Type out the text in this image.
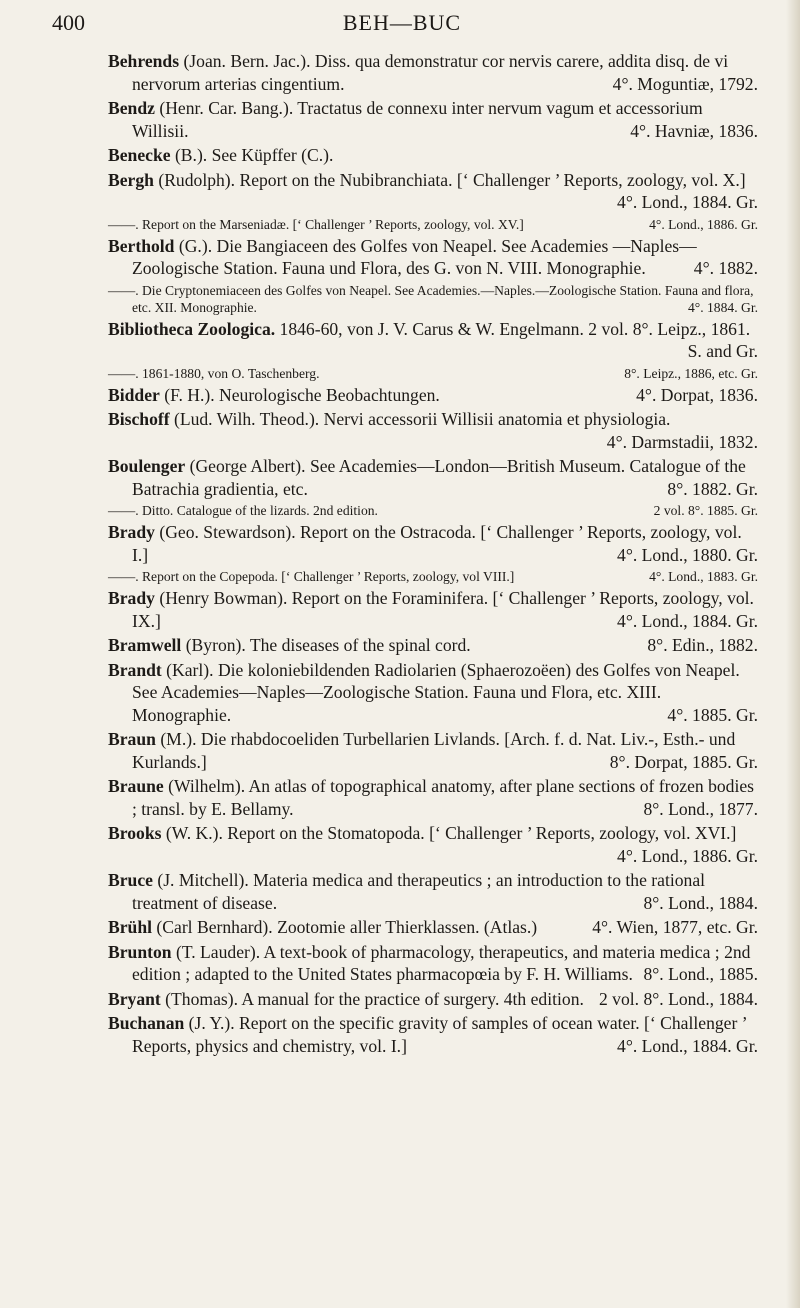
400	BEH—BUC

Behrends (Joan. Bern. Jac.). Diss. qua demonstratur cor nervis carere, addita disq. de vi nervorum arterias cingentium.	4°. Moguntiæ, 1792.

Bendz (Henr. Car. Bang.). Tractatus de connexu inter nervum vagum et accessorium Willisii.	4°. Havniæ, 1836.

Benecke (B.). See Küpffer (C.).

Bergh (Rudolph). Report on the Nubibranchiata. [‘ Challenger ’ Reports, zoology, vol. X.]
4°. Lond., 1884. Gr.

——. Report on the Marseniadæ. [‘ Challenger ’ Reports, zoology, vol. XV.]	4°. Lond., 1886. Gr.

Berthold (G.). Die Bangiaceen des Golfes von Neapel. See Academies —Naples—Zoologische Station. Fauna und Flora, des G. von N. VIII. Monographie.	4°. 1882.

——. Die Cryptonemiaceen des Golfes von Neapel. See Academies.—Naples.—Zoologische Station. Fauna and flora, etc. XII. Monographie.	4°. 1884. Gr.

Bibliotheca Zoologica. 1846-60, von J. V. Carus & W. Engelmann. 2 vol. 8°. Leipz., 1861.
S. and Gr.

——. 1861-1880, von O. Taschenberg.	8°. Leipz., 1886, etc. Gr.

Bidder (F. H.). Neurologische Beobachtungen.	4°. Dorpat, 1836.

Bischoff (Lud. Wilh. Theod.). Nervi accessorii Willisii anatomia et physiologia.
4°. Darmstadii, 1832.

Boulenger (George Albert). See Academies—London—British Museum. Catalogue of the Batrachia gradientia, etc.	8°. 1882. Gr.

——. Ditto. Catalogue of the lizards. 2nd edition.	2 vol. 8°. 1885. Gr.

Brady (Geo. Stewardson). Report on the Ostracoda. [‘ Challenger ’ Reports, zoology, vol. I.]	4°. Lond., 1880. Gr.

——. Report on the Copepoda. [‘ Challenger ’ Reports, zoology, vol VIII.]	4°. Lond., 1883. Gr.

Brady (Henry Bowman). Report on the Foraminifera. [‘ Challenger ’ Reports, zoology, vol. IX.]	4°. Lond., 1884. Gr.

Bramwell (Byron). The diseases of the spinal cord.	8°. Edin., 1882.

Brandt (Karl). Die koloniebildenden Radiolarien (Sphaerozoëen) des Golfes von Neapel. See Academies—Naples—Zoologische Station. Fauna und Flora, etc. XIII. Monographie.	4°. 1885. Gr.

Braun (M.). Die rhabdocoeliden Turbellarien Livlands. [Arch. f. d. Nat. Liv.-, Esth.- und Kurlands.]	8°. Dorpat, 1885. Gr.

Braune (Wilhelm). An atlas of topographical anatomy, after plane sections of frozen bodies ; transl. by E. Bellamy.	8°. Lond., 1877.

Brooks (W. K.). Report on the Stomatopoda. [‘ Challenger ’ Reports, zoology, vol. XVI.]
4°. Lond., 1886. Gr.

Bruce (J. Mitchell). Materia medica and therapeutics ; an introduction to the rational treatment of disease.	8°. Lond., 1884.

Brühl (Carl Bernhard). Zootomie aller Thierklassen. (Atlas.)	4°. Wien, 1877, etc. Gr.

Brunton (T. Lauder). A text-book of pharmacology, therapeutics, and materia medica ; 2nd edition ; adapted to the United States pharmacopœia by F. H. Williams. 8°. Lond., 1885.

Bryant (Thomas). A manual for the practice of surgery. 4th edition. 2 vol. 8°. Lond., 1884.

Buchanan (J. Y.). Report on the specific gravity of samples of ocean water. [‘ Challenger ’ Reports, physics and chemistry, vol. I.]	4°. Lond., 1884. Gr.
